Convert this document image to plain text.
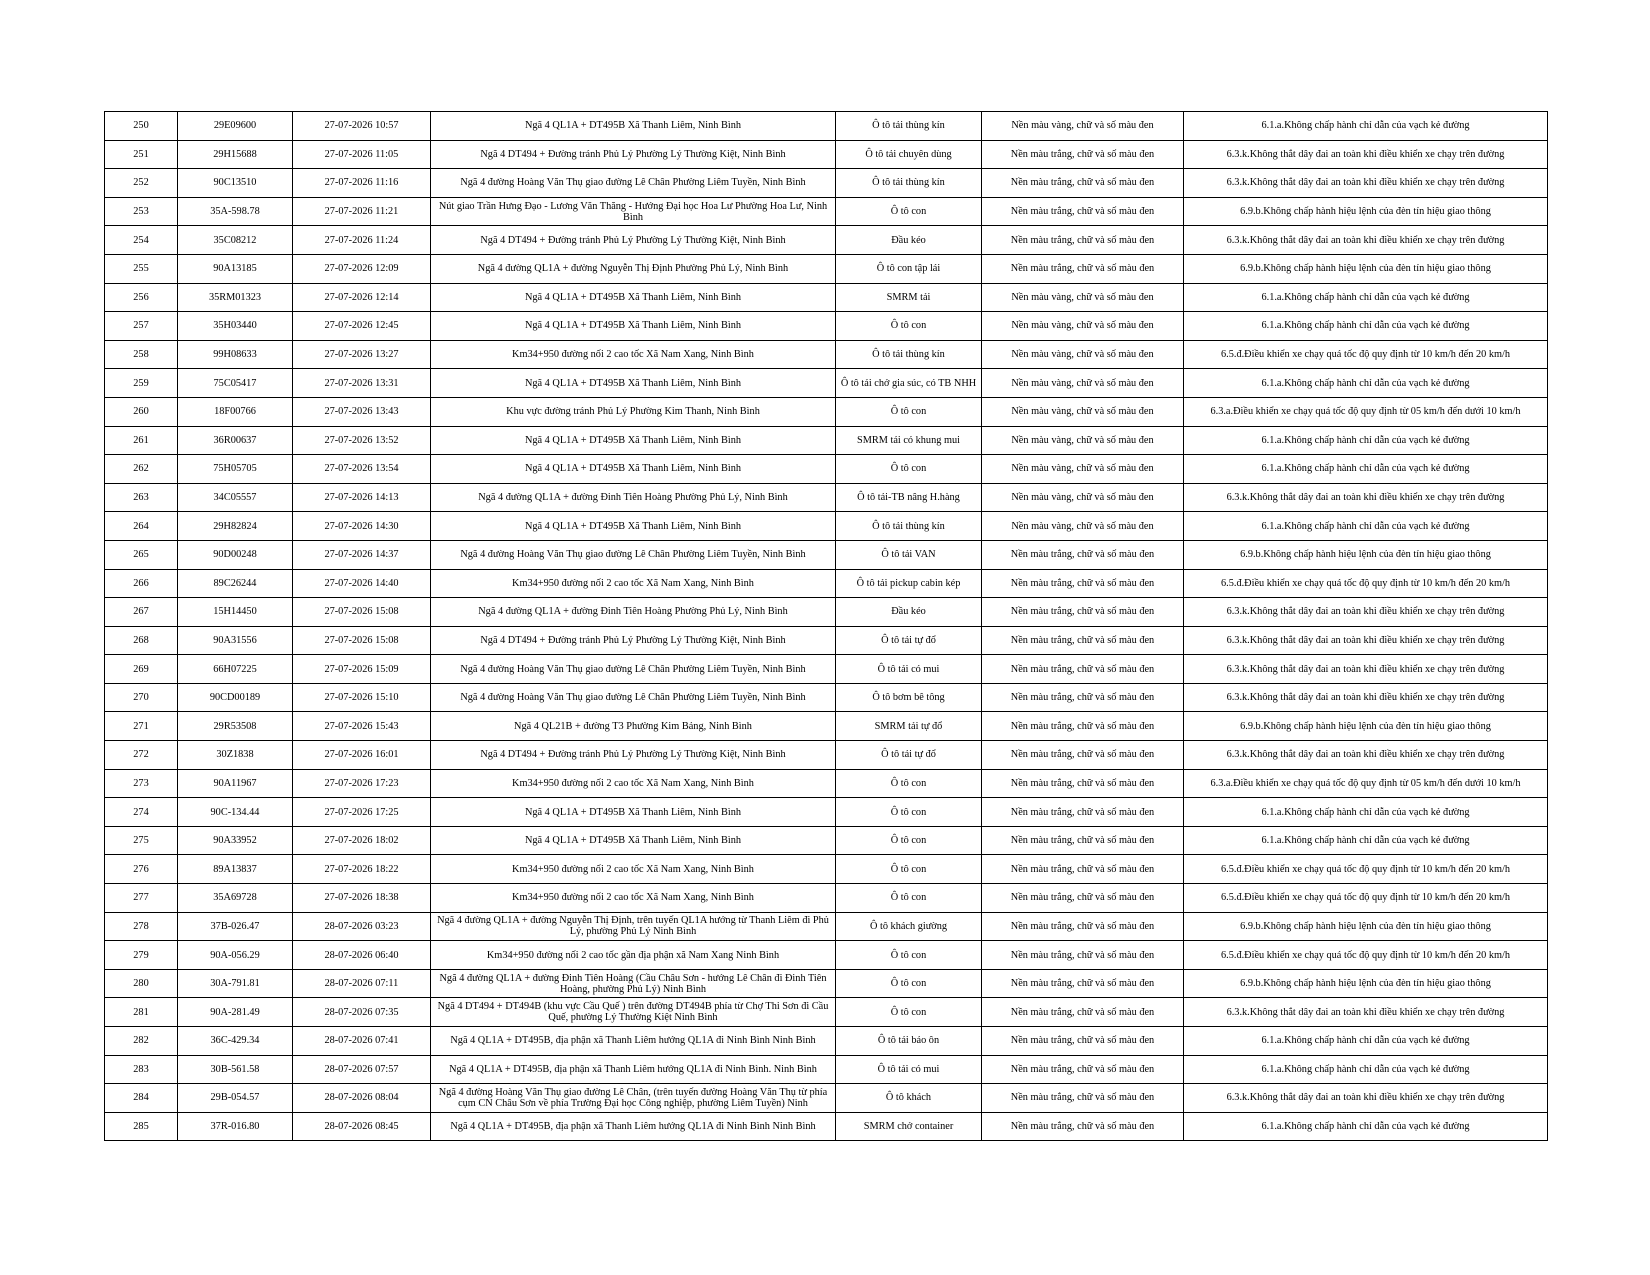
250	29E09600	27-07-2026 10:57	Ngã 4 QL1A + DT495B Xã Thanh Liêm, Ninh Bình	Ô tô tải thùng kín	Nền màu vàng, chữ và số màu đen	6.1.a.Không chấp hành chỉ dẫn của vạch kẻ đường
251	29H15688	27-07-2026 11:05	Ngã 4 DT494 + Đường tránh Phủ Lý Phường Lý Thường Kiệt, Ninh Bình	Ô tô tải chuyên dùng	Nền màu trắng, chữ và số màu đen	6.3.k.Không thắt dây đai an toàn khi điều khiển xe chạy trên đường
252	90C13510	27-07-2026 11:16	Ngã 4 đường Hoàng Văn Thụ giao đường Lê Chân Phường Liêm Tuyền, Ninh Bình	Ô tô tải thùng kín	Nền màu trắng, chữ và số màu đen	6.3.k.Không thắt dây đai an toàn khi điều khiển xe chạy trên đường
253	35A-598.78	27-07-2026 11:21	Nút giao Trần Hưng Đạo - Lương Văn Thăng - Hướng Đại học Hoa Lư Phường Hoa Lư, Ninh Bình	Ô tô con	Nền màu trắng, chữ và số màu đen	6.9.b.Không chấp hành hiệu lệnh của đèn tín hiệu giao thông
254	35C08212	27-07-2026 11:24	Ngã 4 DT494 + Đường tránh Phủ Lý Phường Lý Thường Kiệt, Ninh Bình	Đầu kéo	Nền màu trắng, chữ và số màu đen	6.3.k.Không thắt dây đai an toàn khi điều khiển xe chạy trên đường
255	90A13185	27-07-2026 12:09	Ngã 4 đường QL1A + đường Nguyễn Thị Định Phường Phủ Lý, Ninh Bình	Ô tô con tập lái	Nền màu trắng, chữ và số màu đen	6.9.b.Không chấp hành hiệu lệnh của đèn tín hiệu giao thông
256	35RM01323	27-07-2026 12:14	Ngã 4 QL1A + DT495B Xã Thanh Liêm, Ninh Bình	SMRM tải	Nền màu vàng, chữ và số màu đen	6.1.a.Không chấp hành chỉ dẫn của vạch kẻ đường
257	35H03440	27-07-2026 12:45	Ngã 4 QL1A + DT495B Xã Thanh Liêm, Ninh Bình	Ô tô con	Nền màu vàng, chữ và số màu đen	6.1.a.Không chấp hành chỉ dẫn của vạch kẻ đường
258	99H08633	27-07-2026 13:27	Km34+950 đường nối 2 cao tốc Xã Nam Xang, Ninh Bình	Ô tô tải thùng kín	Nền màu vàng, chữ và số màu đen	6.5.đ.Điều khiển xe chạy quá tốc độ quy định từ 10 km/h đến 20 km/h
259	75C05417	27-07-2026 13:31	Ngã 4 QL1A + DT495B Xã Thanh Liêm, Ninh Bình	Ô tô tải chở gia súc, có TB NHH	Nền màu vàng, chữ và số màu đen	6.1.a.Không chấp hành chỉ dẫn của vạch kẻ đường
260	18F00766	27-07-2026 13:43	Khu vực đường tránh Phủ Lý Phường Kim Thanh, Ninh Bình	Ô tô con	Nền màu vàng, chữ và số màu đen	6.3.a.Điều khiển xe chạy quá tốc độ quy định từ 05 km/h đến dưới 10 km/h
261	36R00637	27-07-2026 13:52	Ngã 4 QL1A + DT495B Xã Thanh Liêm, Ninh Bình	SMRM tải có khung mui	Nền màu vàng, chữ và số màu đen	6.1.a.Không chấp hành chỉ dẫn của vạch kẻ đường
262	75H05705	27-07-2026 13:54	Ngã 4 QL1A + DT495B Xã Thanh Liêm, Ninh Bình	Ô tô con	Nền màu vàng, chữ và số màu đen	6.1.a.Không chấp hành chỉ dẫn của vạch kẻ đường
263	34C05557	27-07-2026 14:13	Ngã 4 đường QL1A + đường Đinh Tiên Hoàng Phường Phủ Lý, Ninh Bình	Ô tô tải-TB nâng H.hàng	Nền màu vàng, chữ và số màu đen	6.3.k.Không thắt dây đai an toàn khi điều khiển xe chạy trên đường
264	29H82824	27-07-2026 14:30	Ngã 4 QL1A + DT495B Xã Thanh Liêm, Ninh Bình	Ô tô tải thùng kín	Nền màu vàng, chữ và số màu đen	6.1.a.Không chấp hành chỉ dẫn của vạch kẻ đường
265	90D00248	27-07-2026 14:37	Ngã 4 đường Hoàng Văn Thụ giao đường Lê Chân Phường Liêm Tuyền, Ninh Bình	Ô tô tải VAN	Nền màu trắng, chữ và số màu đen	6.9.b.Không chấp hành hiệu lệnh của đèn tín hiệu giao thông
266	89C26244	27-07-2026 14:40	Km34+950 đường nối 2 cao tốc Xã Nam Xang, Ninh Bình	Ô tô tải pickup cabin kép	Nền màu trắng, chữ và số màu đen	6.5.đ.Điều khiển xe chạy quá tốc độ quy định từ 10 km/h đến 20 km/h
267	15H14450	27-07-2026 15:08	Ngã 4 đường QL1A + đường Đinh Tiên Hoàng Phường Phủ Lý, Ninh Bình	Đầu kéo	Nền màu trắng, chữ và số màu đen	6.3.k.Không thắt dây đai an toàn khi điều khiển xe chạy trên đường
268	90A31556	27-07-2026 15:08	Ngã 4 DT494 + Đường tránh Phủ Lý Phường Lý Thường Kiệt, Ninh Bình	Ô tô tải tự đổ	Nền màu trắng, chữ và số màu đen	6.3.k.Không thắt dây đai an toàn khi điều khiển xe chạy trên đường
269	66H07225	27-07-2026 15:09	Ngã 4 đường Hoàng Văn Thụ giao đường Lê Chân Phường Liêm Tuyền, Ninh Bình	Ô tô tải có mui	Nền màu trắng, chữ và số màu đen	6.3.k.Không thắt dây đai an toàn khi điều khiển xe chạy trên đường
270	90CD00189	27-07-2026 15:10	Ngã 4 đường Hoàng Văn Thụ giao đường Lê Chân Phường Liêm Tuyền, Ninh Bình	Ô tô bơm bê tông	Nền màu trắng, chữ và số màu đen	6.3.k.Không thắt dây đai an toàn khi điều khiển xe chạy trên đường
271	29R53508	27-07-2026 15:43	Ngã 4 QL21B + đường T3 Phường Kim Bảng, Ninh Bình	SMRM tải tự đổ	Nền màu trắng, chữ và số màu đen	6.9.b.Không chấp hành hiệu lệnh của đèn tín hiệu giao thông
272	30Z1838	27-07-2026 16:01	Ngã 4 DT494 + Đường tránh Phủ Lý Phường Lý Thường Kiệt, Ninh Bình	Ô tô tải tự đổ	Nền màu trắng, chữ và số màu đen	6.3.k.Không thắt dây đai an toàn khi điều khiển xe chạy trên đường
273	90A11967	27-07-2026 17:23	Km34+950 đường nối 2 cao tốc Xã Nam Xang, Ninh Bình	Ô tô con	Nền màu trắng, chữ và số màu đen	6.3.a.Điều khiển xe chạy quá tốc độ quy định từ 05 km/h đến dưới 10 km/h
274	90C-134.44	27-07-2026 17:25	Ngã 4 QL1A + DT495B Xã Thanh Liêm, Ninh Bình	Ô tô con	Nền màu trắng, chữ và số màu đen	6.1.a.Không chấp hành chỉ dẫn của vạch kẻ đường
275	90A33952	27-07-2026 18:02	Ngã 4 QL1A + DT495B Xã Thanh Liêm, Ninh Bình	Ô tô con	Nền màu trắng, chữ và số màu đen	6.1.a.Không chấp hành chỉ dẫn của vạch kẻ đường
276	89A13837	27-07-2026 18:22	Km34+950 đường nối 2 cao tốc Xã Nam Xang, Ninh Bình	Ô tô con	Nền màu trắng, chữ và số màu đen	6.5.đ.Điều khiển xe chạy quá tốc độ quy định từ 10 km/h đến 20 km/h
277	35A69728	27-07-2026 18:38	Km34+950 đường nối 2 cao tốc Xã Nam Xang, Ninh Bình	Ô tô con	Nền màu trắng, chữ và số màu đen	6.5.đ.Điều khiển xe chạy quá tốc độ quy định từ 10 km/h đến 20 km/h
278	37B-026.47	28-07-2026 03:23	Ngã 4 đường QL1A + đường Nguyễn Thị Định, trên tuyến QL1A hướng từ Thanh Liêm đi Phủ Lý, phường Phủ Lý Ninh Bình	Ô tô khách giường	Nền màu trắng, chữ và số màu đen	6.9.b.Không chấp hành hiệu lệnh của đèn tín hiệu giao thông
279	90A-056.29	28-07-2026 06:40	Km34+950 đường nối 2 cao tốc gần địa phận xã Nam Xang Ninh Bình	Ô tô con	Nền màu trắng, chữ và số màu đen	6.5.đ.Điều khiển xe chạy quá tốc độ quy định từ 10 km/h đến 20 km/h
280	30A-791.81	28-07-2026 07:11	Ngã 4 đường QL1A + đường Đinh Tiên Hoàng (Cầu Châu Sơn - hướng Lê Chân đi Đinh Tiên Hoàng, phường Phủ Lý) Ninh Bình	Ô tô con	Nền màu trắng, chữ và số màu đen	6.9.b.Không chấp hành hiệu lệnh của đèn tín hiệu giao thông
281	90A-281.49	28-07-2026 07:35	Ngã 4 DT494 + DT494B (khu vực Cầu Quế ) trên đường DT494B phía từ Chợ Thi Sơn đi Cầu Quế, phường Lý Thường Kiệt Ninh Bình	Ô tô con	Nền màu trắng, chữ và số màu đen	6.3.k.Không thắt dây đai an toàn khi điều khiển xe chạy trên đường
282	36C-429.34	28-07-2026 07:41	Ngã 4 QL1A + DT495B, địa phận xã Thanh Liêm hướng QL1A đi Ninh Bình Ninh Bình	Ô tô tải bảo ôn	Nền màu trắng, chữ và số màu đen	6.1.a.Không chấp hành chỉ dẫn của vạch kẻ đường
283	30B-561.58	28-07-2026 07:57	Ngã 4 QL1A + DT495B, địa phận xã Thanh Liêm hướng QL1A đi Ninh Bình. Ninh Bình	Ô tô tải có mui	Nền màu trắng, chữ và số màu đen	6.1.a.Không chấp hành chỉ dẫn của vạch kẻ đường
284	29B-054.57	28-07-2026 08:04	Ngã 4 đường Hoàng Văn Thụ giao đường Lê Chân, (trên tuyến đường Hoàng Văn Thụ từ phía cụm CN Châu Sơn về phía Trường Đại học Công nghiệp, phường Liêm Tuyền) Ninh	Ô tô khách	Nền màu trắng, chữ và số màu đen	6.3.k.Không thắt dây đai an toàn khi điều khiển xe chạy trên đường
285	37R-016.80	28-07-2026 08:45	Ngã 4 QL1A + DT495B, địa phận xã Thanh Liêm hướng QL1A đi Ninh Bình Ninh Bình	SMRM chở container	Nền màu trắng, chữ và số màu đen	6.1.a.Không chấp hành chỉ dẫn của vạch kẻ đường
